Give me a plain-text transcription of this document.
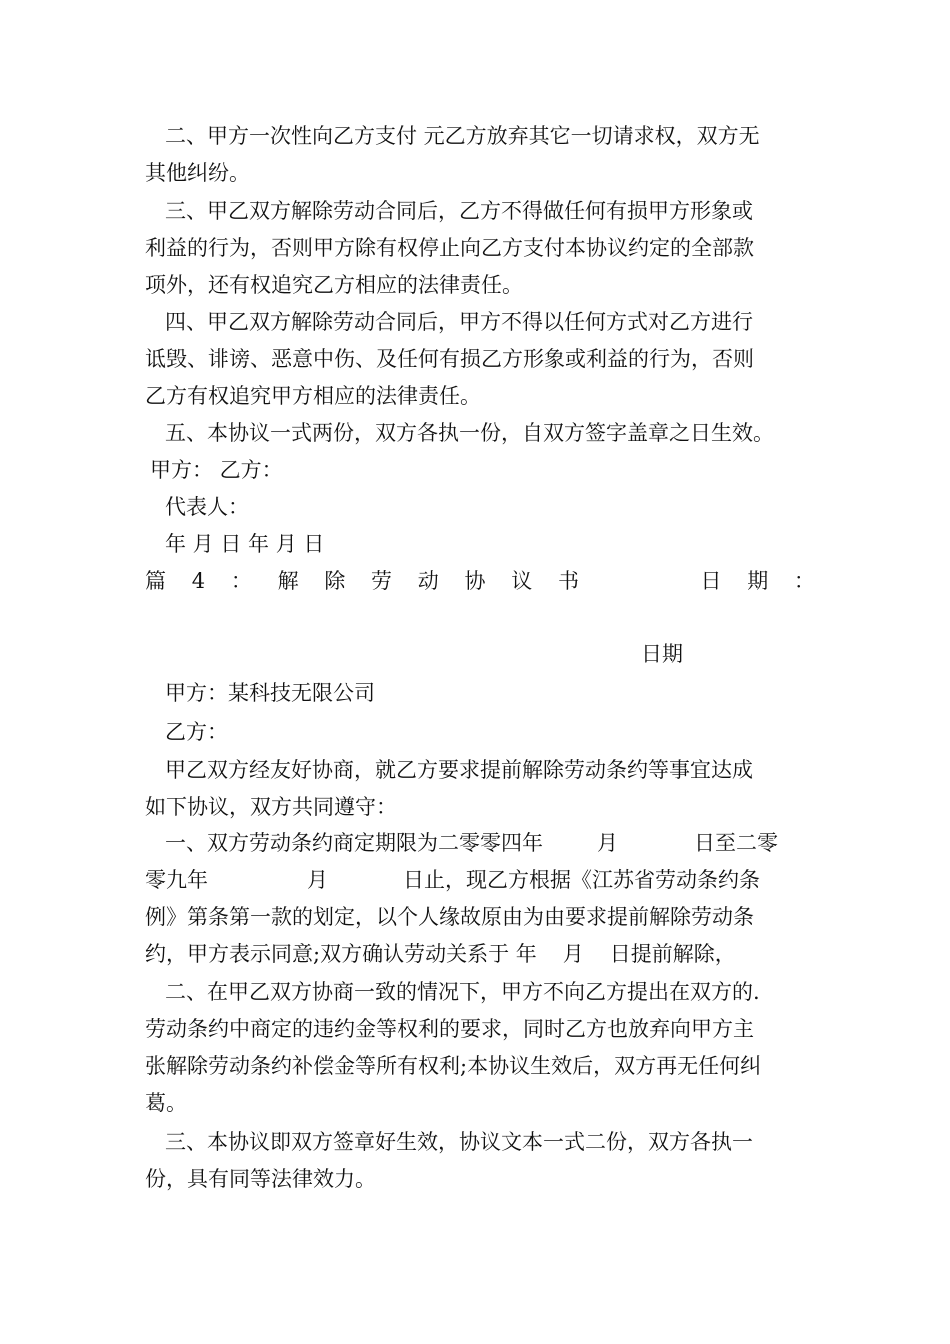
二、甲方一次性向乙方支付 元乙方放弃其它一切请求权，双方无
其他纠纷。
三、甲乙双方解除劳动合同后，乙方不得做任何有损甲方形象或
利益的行为，否则甲方除有权停止向乙方支付本协议约定的全部款
项外，还有权追究乙方相应的法律责任。
四、甲乙双方解除劳动合同后，甲方不得以任何方式对乙方进行
诋毁、诽谤、恶意中伤、及任何有损乙方形象或利益的行为，否则
乙方有权追究甲方相应的法律责任。
五、本协议一式两份，双方各执一份，自双方签字盖章之日生效。
甲方： 乙方：
代表人：
年 月 日 年 月 日
篇 4 ： 解 除 劳 动 协 议 书	日 期 ：
日期
甲方：某科技无限公司
乙方：
甲乙双方经友好协商，就乙方要求提前解除劳动条约等事宜达成
如下协议，双方共同遵守：
一、双方劳动条约商定期限为二零零四年	月	日至二零
零九年	月	日止，现乙方根据《江苏省劳动条约条
例》第条第一款的划定，以个人缘故原由为由要求提前解除劳动条
约，甲方表示同意;双方确认劳动关系于 年 月 日提前解除，
二、在甲乙双方协商一致的情况下，甲方不向乙方提出在双方的.
劳动条约中商定的违约金等权利的要求，同时乙方也放弃向甲方主
张解除劳动条约补偿金等所有权利;本协议生效后，双方再无任何纠
葛。
三、本协议即双方签章好生效，协议文本一式二份，双方各执一
份，具有同等法律效力。
